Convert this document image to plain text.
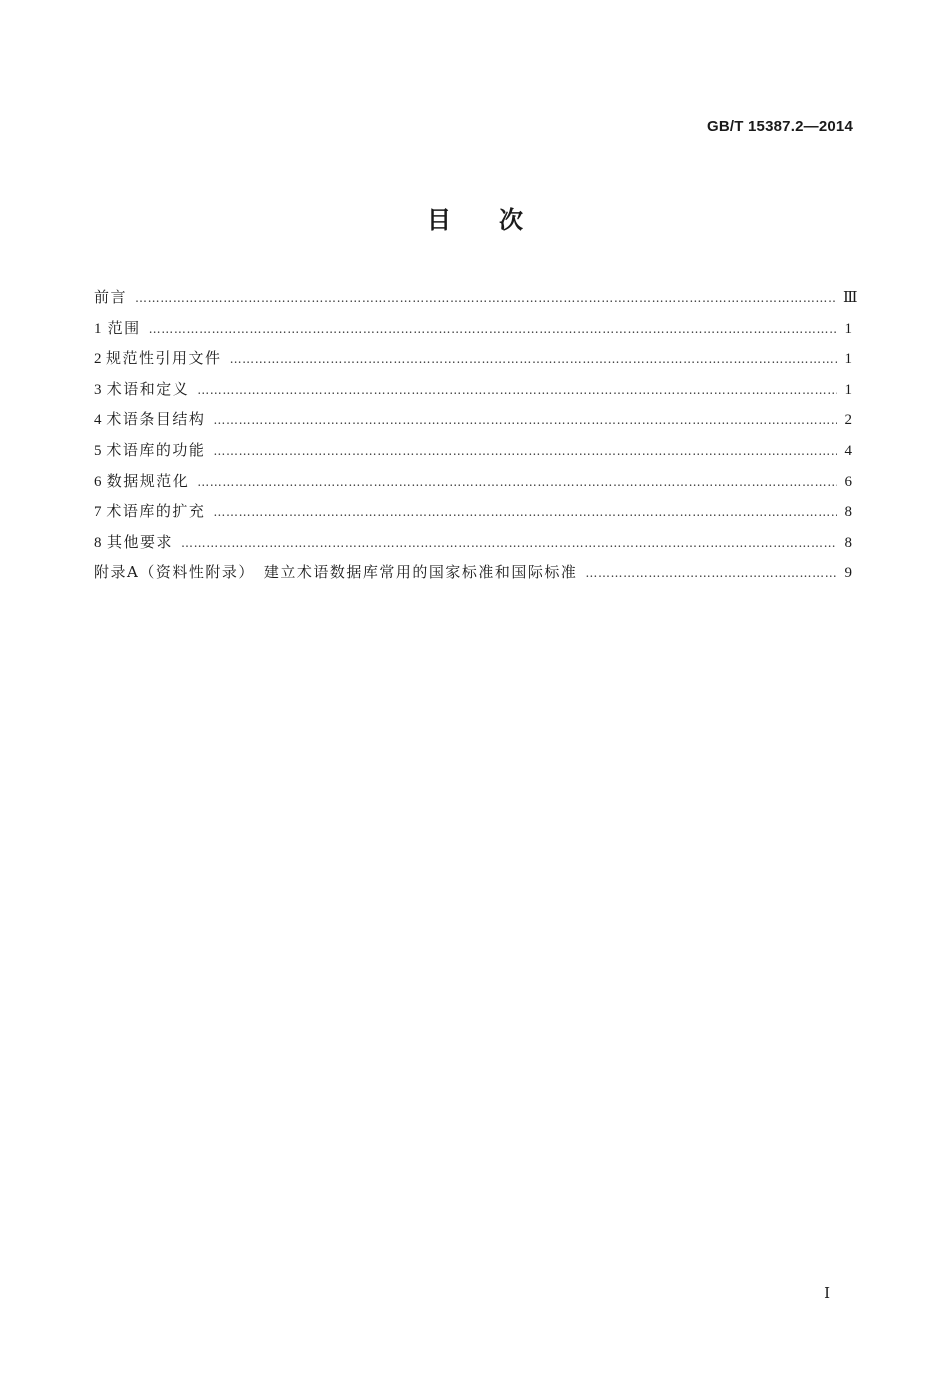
GB/T 15387.2—2014
目次
前言 …………………………………………………………………………………………………………………………………………………………………………………………………………………………………………………………………………	Ⅲ
1 范围 …………………………………………………………………………………………………………………………………………………………………………………………………………………………………………………………………………	1
2 规范性引用文件 …………………………………………………………………………………………………………………………………………………………………………………………………………………………………………………………………………	1
3 术语和定义 …………………………………………………………………………………………………………………………………………………………………………………………………………………………………………………………………………	1
4 术语条目结构 …………………………………………………………………………………………………………………………………………………………………………………………………………………………………………………………………………	2
5 术语库的功能 …………………………………………………………………………………………………………………………………………………………………………………………………………………………………………………………………………	4
6 数据规范化 …………………………………………………………………………………………………………………………………………………………………………………………………………………………………………………………………………	6
7 术语库的扩充 …………………………………………………………………………………………………………………………………………………………………………………………………………………………………………………………………………	8
8 其他要求 …………………………………………………………………………………………………………………………………………………………………………………………………………………………………………………………………………	8
附录A（资料性附录）　建立术语数据库常用的国家标准和国际标准 …………………………………………………………………………………………………………………………………………………………………………………………………………………………………………………………………………	9
Ⅰ
